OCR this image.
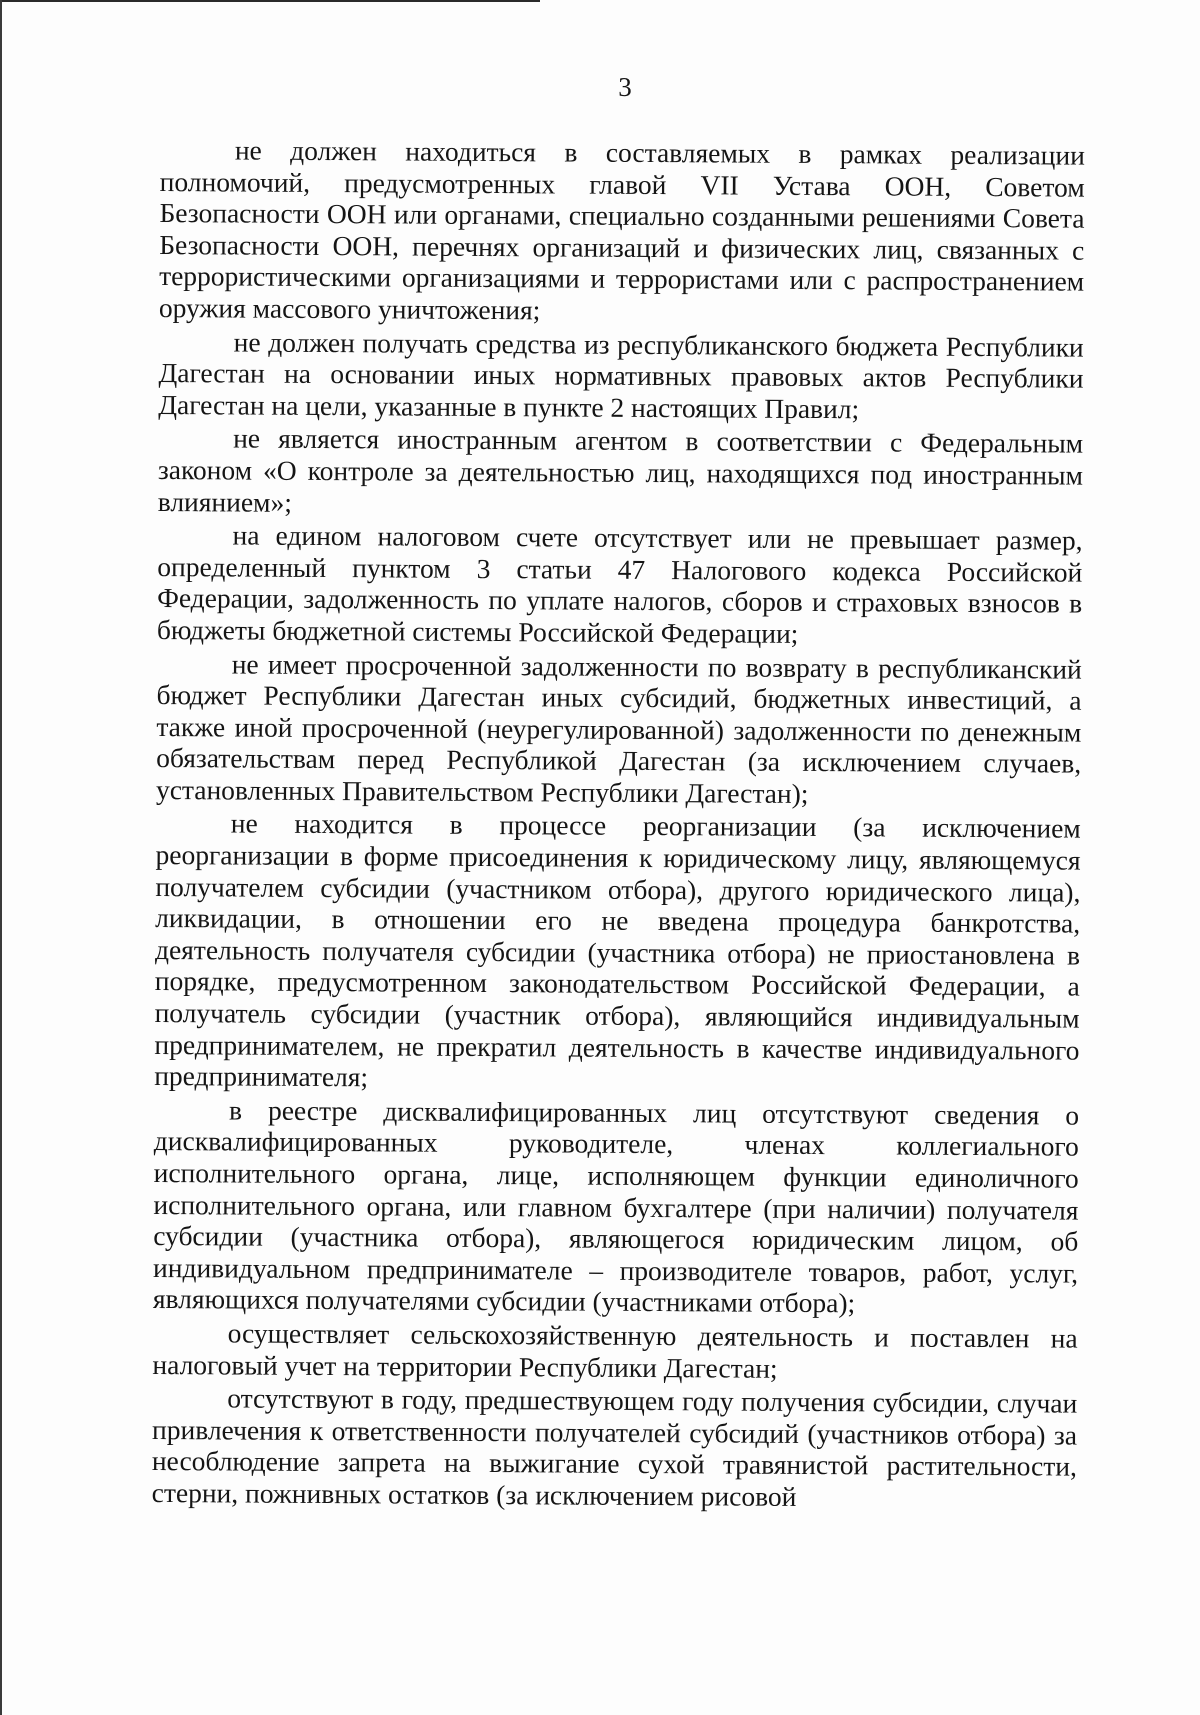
3

не должен находиться в составляемых в рамках реализации полномочий, предусмотренных главой VII Устава ООН, Советом Безопасности ООН или органами, специально созданными решениями Совета Безопасности ООН, перечнях организаций и физических лиц, связанных с террористическими организациями и террористами или с распространением оружия массового уничтожения;

не должен получать средства из республиканского бюджета Республики Дагестан на основании иных нормативных правовых актов Республики Дагестан на цели, указанные в пункте 2 настоящих Правил;

не является иностранным агентом в соответствии с Федеральным законом «О контроле за деятельностью лиц, находящихся под иностранным влиянием»;

на едином налоговом счете отсутствует или не превышает размер, определенный пунктом 3 статьи 47 Налогового кодекса Российской Федерации, задолженность по уплате налогов, сборов и страховых взносов в бюджеты бюджетной системы Российской Федерации;

не имеет просроченной задолженности по возврату в республиканский бюджет Республики Дагестан иных субсидий, бюджетных инвестиций, а также иной просроченной (неурегулированной) задолженности по денежным обязательствам перед Республикой Дагестан (за исключением случаев, установленных Правительством Республики Дагестан);

не находится в процессе реорганизации (за исключением реорганизации в форме присоединения к юридическому лицу, являющемуся получателем субсидии (участником отбора), другого юридического лица), ликвидации, в отношении его не введена процедура банкротства, деятельность получателя субсидии (участника отбора) не приостановлена в порядке, предусмотренном законодательством Российской Федерации, а получатель субсидии (участник отбора), являющийся индивидуальным предпринимателем, не прекратил деятельность в качестве индивидуального предпринимателя;

в реестре дисквалифицированных лиц отсутствуют сведения о дисквалифицированных руководителе, членах коллегиального исполнительного органа, лице, исполняющем функции единоличного исполнительного органа, или главном бухгалтере (при наличии) получателя субсидии (участника отбора), являющегося юридическим лицом, об индивидуальном предпринимателе – производителе товаров, работ, услуг, являющихся получателями субсидии (участниками отбора);

осуществляет сельскохозяйственную деятельность и поставлен на налоговый учет на территории Республики Дагестан;

отсутствуют в году, предшествующем году получения субсидии, случаи привлечения к ответственности получателей субсидий (участников отбора) за несоблюдение запрета на выжигание сухой травянистой растительности, стерни, пожнивных остатков (за исключением рисовой
